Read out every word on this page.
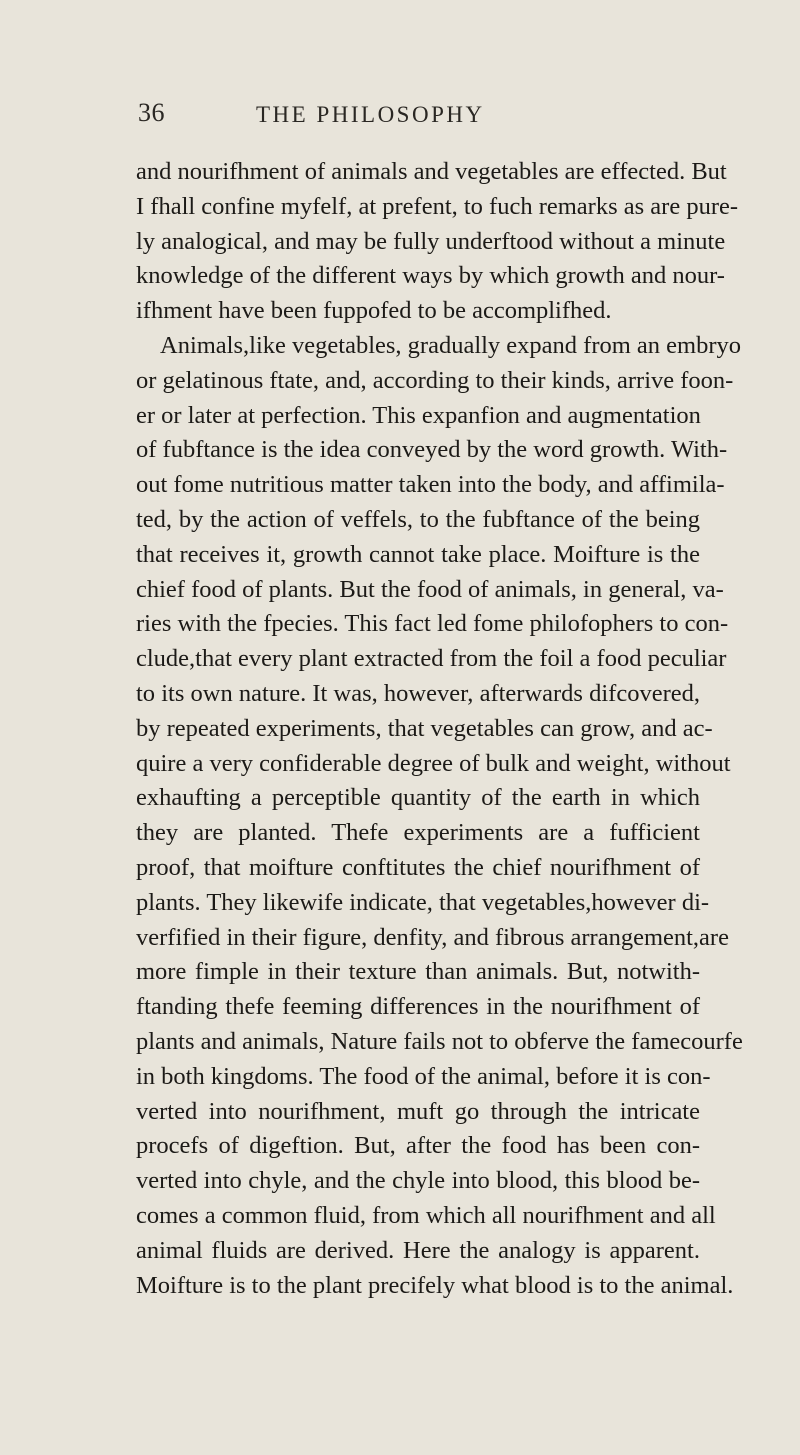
36	THE PHILOSOPHY
and nourifhment of animals and vegetables are effected. But
I fhall confine myfelf, at prefent, to fuch remarks as are pure-
ly analogical, and may be fully underftood without a minute
knowledge of the different ways by which growth and nour-
ifhment have been fuppofed to be accomplifhed.
Animals,like vegetables, gradually expand from an embryo
or gelatinous ftate, and, according to their kinds, arrive foon-
er or later at perfection. This expanfion and augmentation
of fubftance is the idea conveyed by the word growth. With-
out fome nutritious matter taken into the body, and affimila-
ted, by the action of veffels, to the fubftance of the being
that receives it, growth cannot take place. Moifture is the
chief food of plants. But the food of animals, in general, va-
ries with the fpecies. This fact led fome philofophers to con-
clude,that every plant extracted from the foil a food peculiar
to its own nature. It was, however, afterwards difcovered,
by repeated experiments, that vegetables can grow, and ac-
quire a very confiderable degree of bulk and weight, without
exhaufting a perceptible quantity of the earth in which
they are planted. Thefe experiments are a fufficient
proof, that moifture conftitutes the chief nourifhment of
plants. They likewife indicate, that vegetables,however di-
verfified in their figure, denfity, and fibrous arrangement,are
more fimple in their texture than animals. But, notwith-
ftanding thefe feeming differences in the nourifhment of
plants and animals, Nature fails not to obferve the famecourfe
in both kingdoms. The food of the animal, before it is con-
verted into nourifhment, muft go through the intricate
procefs of digeftion. But, after the food has been con-
verted into chyle, and the chyle into blood, this blood be-
comes a common fluid, from which all nourifhment and all
animal fluids are derived. Here the analogy is apparent.
Moifture is to the plant precifely what blood is to the animal.
